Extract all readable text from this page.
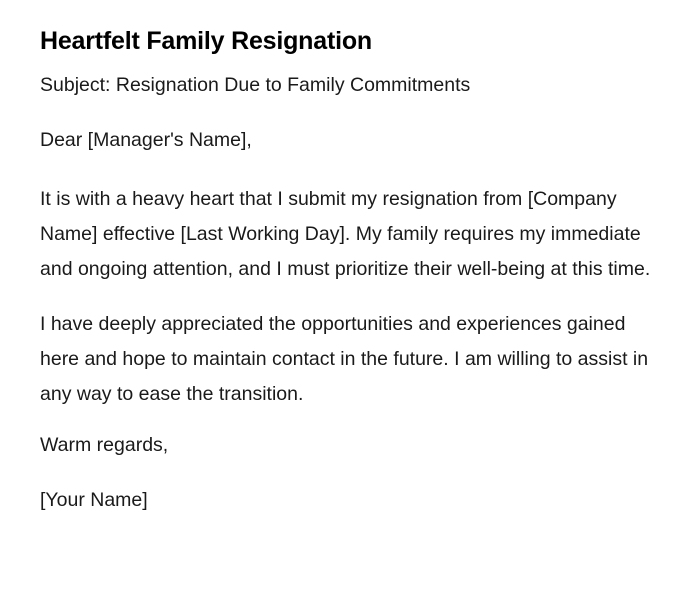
Heartfelt Family Resignation

Subject: Resignation Due to Family Commitments

Dear [Manager's Name],

It is with a heavy heart that I submit my resignation from [Company Name] effective [Last Working Day]. My family requires my immediate and ongoing attention, and I must prioritize their well-being at this time.

I have deeply appreciated the opportunities and experiences gained here and hope to maintain contact in the future. I am willing to assist in any way to ease the transition.

Warm regards,

[Your Name]
